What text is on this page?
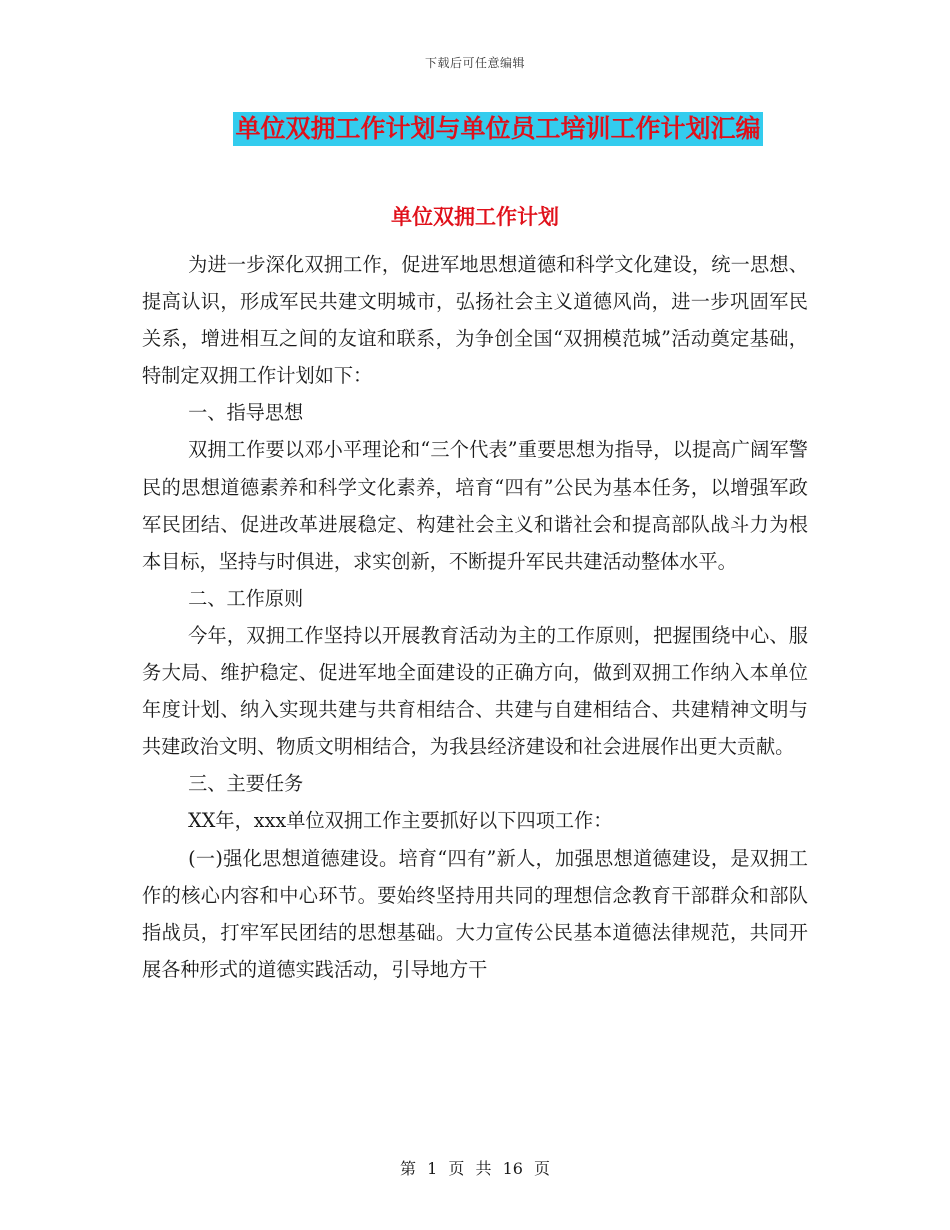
下载后可任意编辑
单位双拥工作计划与单位员工培训工作计划汇编
单位双拥工作计划

为进一步深化双拥工作，促进军地思想道德和科学文化建设，统一思想、提高认识，形成军民共建文明城市，弘扬社会主义道德风尚，进一步巩固军民关系，增进相互之间的友谊和联系，为争创全国“双拥模范城”活动奠定基础，特制定双拥工作计划如下：

一、指导思想

双拥工作要以邓小平理论和“三个代表”重要思想为指导，以提高广阔军警民的思想道德素养和科学文化素养，培育“四有”公民为基本任务，以增强军政军民团结、促进改革进展稳定、构建社会主义和谐社会和提高部队战斗力为根本目标，坚持与时俱进，求实创新，不断提升军民共建活动整体水平。

二、工作原则

今年，双拥工作坚持以开展教育活动为主的工作原则，把握围绕中心、服务大局、维护稳定、促进军地全面建设的正确方向，做到双拥工作纳入本单位年度计划、纳入实现共建与共育相结合、共建与自建相结合、共建精神文明与共建政治文明、物质文明相结合，为我县经济建设和社会进展作出更大贡献。

三、主要任务

XX年，xxx单位双拥工作主要抓好以下四项工作：

(一)强化思想道德建设。培育“四有”新人，加强思想道德建设，是双拥工作的核心内容和中心环节。要始终坚持用共同的理想信念教育干部群众和部队指战员，打牢军民团结的思想基础。大力宣传公民基本道德法律规范，共同开展各种形式的道德实践活动，引导地方干

第 1 页 共 16 页
